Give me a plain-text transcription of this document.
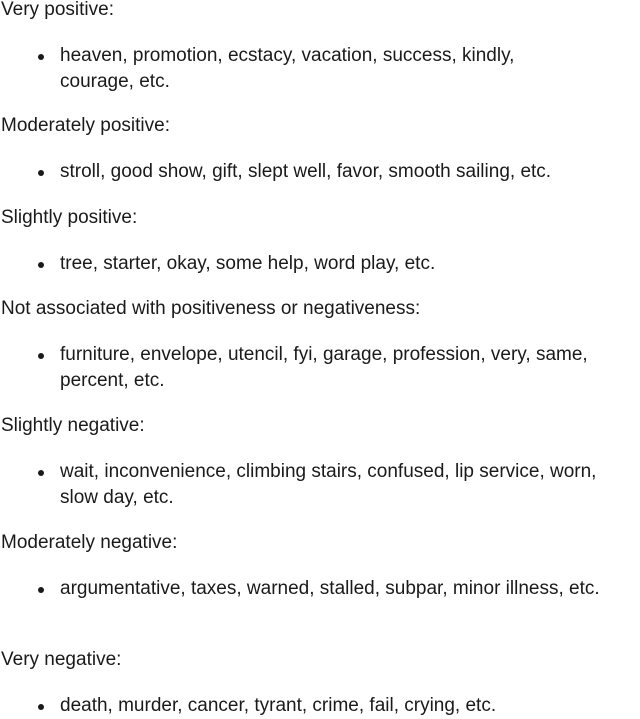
Very positive:

heaven, promotion, ecstacy, vacation, success, kindly, courage, etc.

Moderately positive:

stroll, good show, gift, slept well, favor, smooth sailing, etc.

Slightly positive:

tree, starter, okay, some help, word play, etc.

Not associated with positiveness or negativeness:

furniture, envelope, utencil, fyi, garage, profession, very, same, percent, etc.

Slightly negative:

wait, inconvenience, climbing stairs, confused, lip service, worn, slow day, etc.

Moderately negative:

argumentative, taxes, warned, stalled, subpar, minor illness, etc.

Very negative:

death, murder, cancer, tyrant, crime, fail, crying, etc.
